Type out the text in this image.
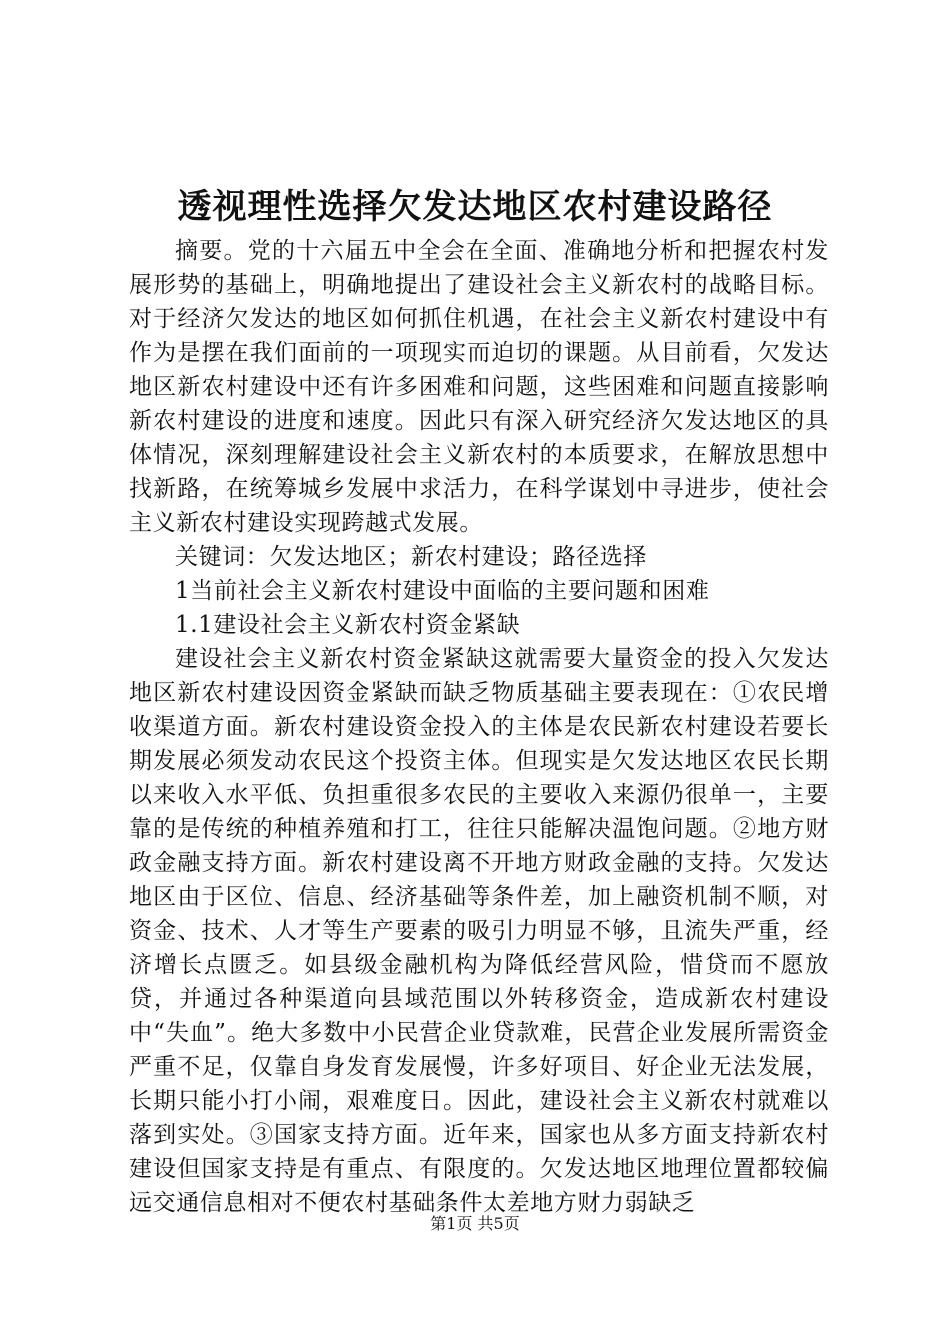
透视理性选择欠发达地区农村建设路径

摘要。党的十六届五中全会在全面、准确地分析和把握农村发展形势的基础上，明确地提出了建设社会主义新农村的战略目标。对于经济欠发达的地区如何抓住机遇，在社会主义新农村建设中有作为是摆在我们面前的一项现实而迫切的课题。从目前看，欠发达地区新农村建设中还有许多困难和问题，这些困难和问题直接影响新农村建设的进度和速度。因此只有深入研究经济欠发达地区的具体情况，深刻理解建设社会主义新农村的本质要求，在解放思想中找新路，在统筹城乡发展中求活力，在科学谋划中寻进步，使社会主义新农村建设实现跨越式发展。

关键词：欠发达地区；新农村建设；路径选择

1当前社会主义新农村建设中面临的主要问题和困难

1.1建设社会主义新农村资金紧缺

建设社会主义新农村资金紧缺这就需要大量资金的投入欠发达地区新农村建设因资金紧缺而缺乏物质基础主要表现在：①农民增收渠道方面。新农村建设资金投入的主体是农民新农村建设若要长期发展必须发动农民这个投资主体。但现实是欠发达地区农民长期以来收入水平低、负担重很多农民的主要收入来源仍很单一，主要靠的是传统的种植养殖和打工，往往只能解决温饱问题。②地方财政金融支持方面。新农村建设离不开地方财政金融的支持。欠发达地区由于区位、信息、经济基础等条件差，加上融资机制不顺，对资金、技术、人才等生产要素的吸引力明显不够，且流失严重，经济增长点匮乏。如县级金融机构为降低经营风险，惜贷而不愿放贷，并通过各种渠道向县域范围以外转移资金，造成新农村建设中“失血”。绝大多数中小民营企业贷款难，民营企业发展所需资金严重不足，仅靠自身发育发展慢，许多好项目、好企业无法发展，长期只能小打小闹，艰难度日。因此，建设社会主义新农村就难以落到实处。③国家支持方面。近年来，国家也从多方面支持新农村建设但国家支持是有重点、有限度的。欠发达地区地理位置都较偏远交通信息相对不便农村基础条件太差地方财力弱缺乏

第1页 共5页
